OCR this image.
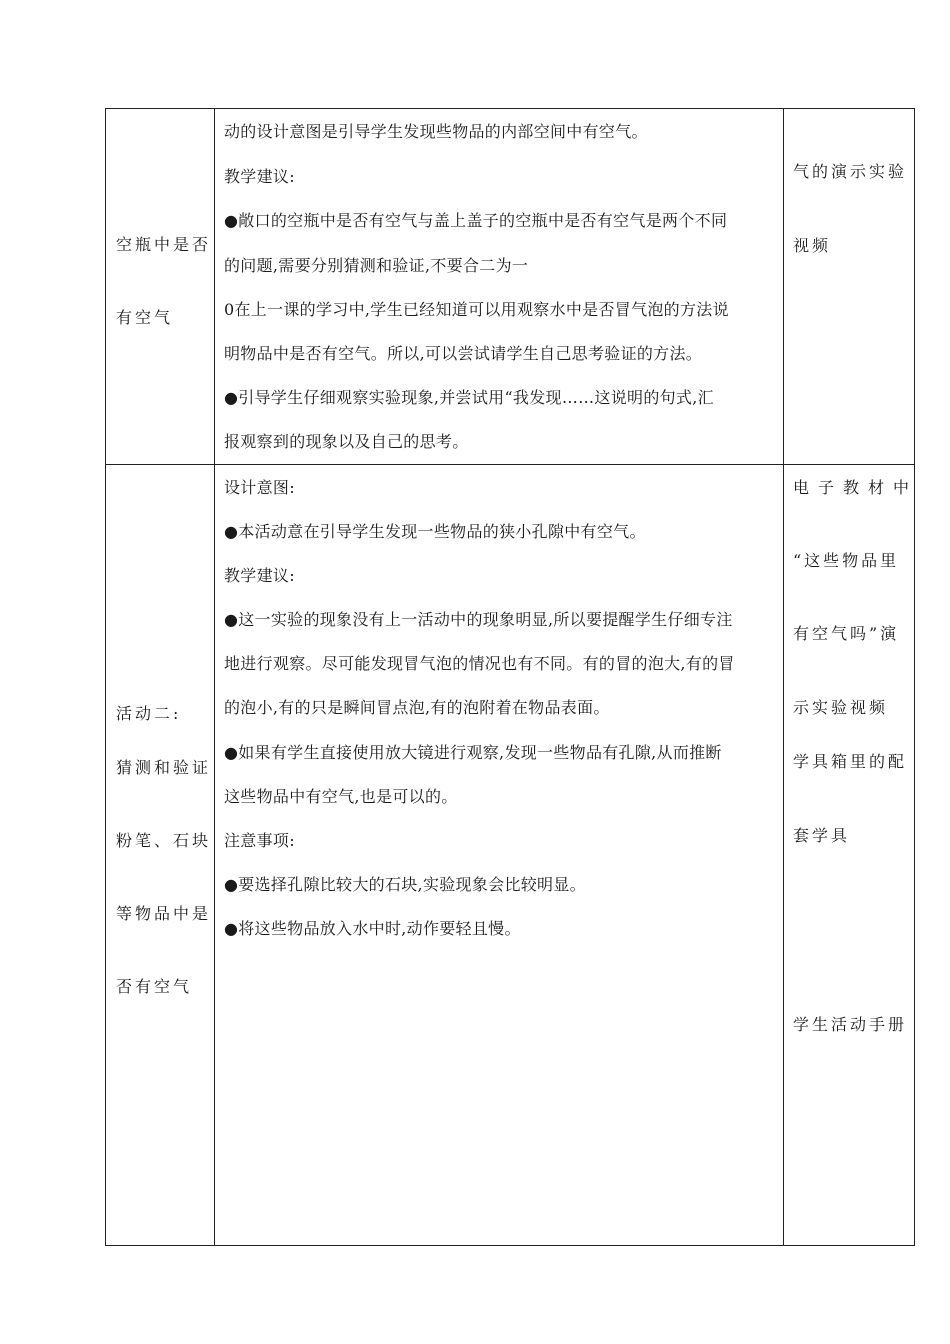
空瓶中是否
有空气
动的设计意图是引导学生发现些物品的内部空间中有空气。
教学建议:
●敞口的空瓶中是否有空气与盖上盖子的空瓶中是否有空气是两个不同
的问题,需要分别猜测和验证,不要合二为一
0在上一课的学习中,学生已经知道可以用观察水中是否冒气泡的方法说
明物品中是否有空气。所以,可以尝试请学生自己思考验证的方法。
●引导学生仔细观察实验现象,并尝试用“我发现……这说明的句式,汇
报观察到的现象以及自己的思考。
气的演示实验
视频
活动二:
猜测和验证
粉笔、石块
等物品中是
否有空气
设计意图:
●本活动意在引导学生发现一些物品的狭小孔隙中有空气。
教学建议:
●这一实验的现象没有上一活动中的现象明显,所以要提醒学生仔细专注
地进行观察。尽可能发现冒气泡的情况也有不同。有的冒的泡大,有的冒
的泡小,有的只是瞬间冒点泡,有的泡附着在物品表面。
●如果有学生直接使用放大镜进行观察,发现一些物品有孔隙,从而推断
这些物品中有空气,也是可以的。
注意事项:
●要选择孔隙比较大的石块,实验现象会比较明显。
●将这些物品放入水中时,动作要轻且慢。
电子教材中
“这些物品里
有空气吗”演
示实验视频
学具箱里的配
套学具
学生活动手册
